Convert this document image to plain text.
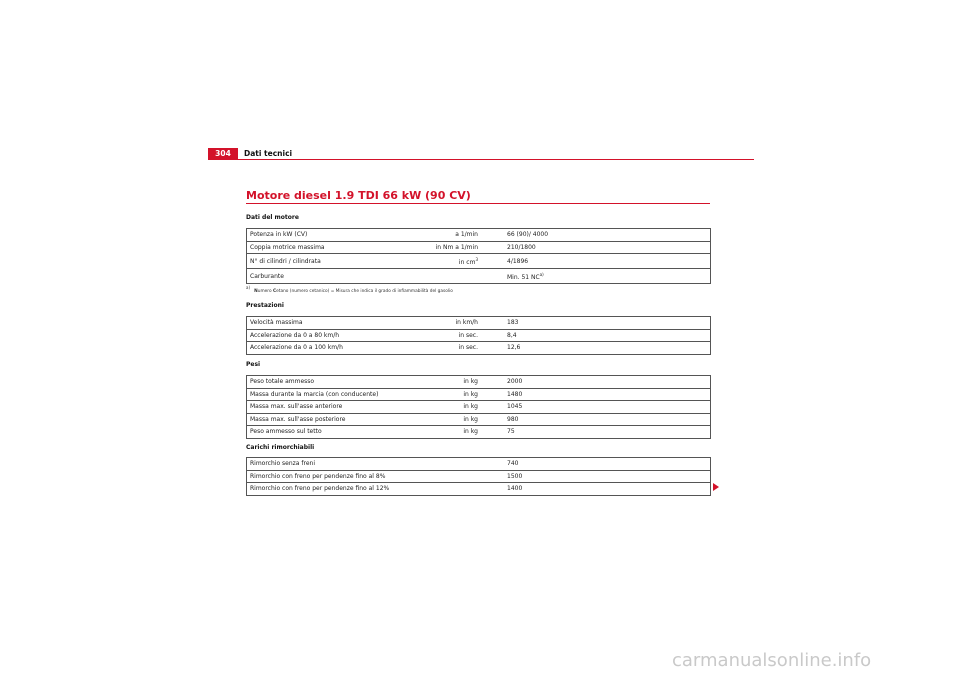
304	Dati tecnici
Motore diesel 1.9 TDI 66 kW (90 CV)
Dati del motore
Potenza in kW (CV)	a 1/min		66 (90)/ 4000
Coppia motrice massima	in Nm a 1/min		210/1800
N° di cilindri / cilindrata	in $cm^3$		4/1896
Carburante			Min. 51 NC$^{a)}$
$^{a)}$   Numero Cetano (numero cetanico) = Misura che indica il grado di infiammabilità del gasolio
Prestazioni
Velocità massima	in km/h		183
Accelerazione da 0 a 80 km/h	in sec.		8,4
Accelerazione da 0 a 100 km/h	in sec.		12,6
Pesi
Peso totale ammesso	in kg		2000
Massa durante la marcia (con conducente)	in kg		1480
Massa max. sull'asse anteriore	in kg		1045
Massa max. sull'asse posteriore	in kg		980
Peso ammesso sul tetto	in kg		75
Carichi rimorchiabili
Rimorchio senza freni			740
Rimorchio con freno per pendenze fino al 8%			1500
Rimorchio con freno per pendenze fino al 12%			1400
carmanualsonline.info
